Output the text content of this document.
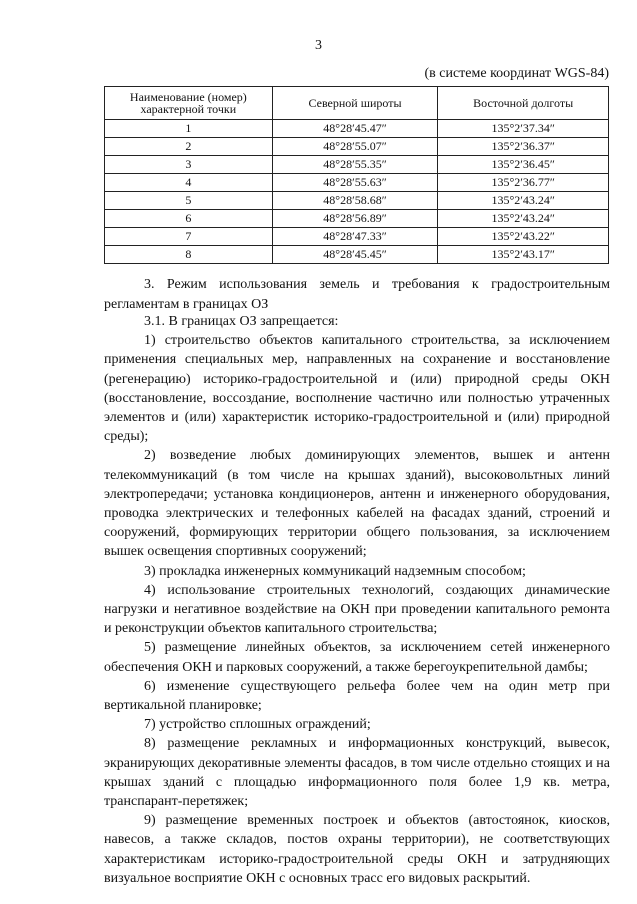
3
(в системе координат WGS-84)
Наименование (номер) характерной точки	Северной широты	Восточной долготы
1	48°28′45.47″	135°2′37.34″
2	48°28′55.07″	135°2′36.37″
3	48°28′55.35″	135°2′36.45″
4	48°28′55.63″	135°2′36.77″
5	48°28′58.68″	135°2′43.24″
6	48°28′56.89″	135°2′43.24″
7	48°28′47.33″	135°2′43.22″
8	48°28′45.45″	135°2′43.17″
3. Режим использования земель и требования к градостроительным регламентам в границах ОЗ

3.1. В границах ОЗ запрещается:

1) строительство объектов капитального строительства, за исключением применения специальных мер, направленных на сохранение и восстановление (регенерацию) историко-градостроительной и (или) природной среды ОКН (восстановление, воссоздание, восполнение частично или полностью утраченных элементов и (или) характеристик историко-градостроительной и (или) природной среды);

2) возведение любых доминирующих элементов, вышек и антенн телекоммуникаций (в том числе на крышах зданий), высоковольтных линий электропередачи; установка кондиционеров, антенн и инженерного оборудования, проводка электрических и телефонных кабелей на фасадах зданий, строений и сооружений, формирующих территории общего пользования, за исключением вышек освещения спортивных сооружений;

3) прокладка инженерных коммуникаций надземным способом;

4) использование строительных технологий, создающих динамические нагрузки и негативное воздействие на ОКН при проведении капитального ремонта и реконструкции объектов капитального строительства;

5) размещение линейных объектов, за исключением сетей инженерного обеспечения ОКН и парковых сооружений, а также берегоукрепительной дамбы;

6) изменение существующего рельефа более чем на один метр при вертикальной планировке;

7) устройство сплошных ограждений;

8) размещение рекламных и информационных конструкций, вывесок, экранирующих декоративные элементы фасадов, в том числе отдельно стоящих и на крышах зданий с площадью информационного поля более 1,9 кв. метра, транспарант-перетяжек;

9) размещение временных построек и объектов (автостоянок, киосков, навесов, а также складов, постов охраны территории), не соответствующих характеристикам историко-градостроительной среды ОКН и затрудняющих визуальное восприятие ОКН с основных трасс его видовых раскрытий.
